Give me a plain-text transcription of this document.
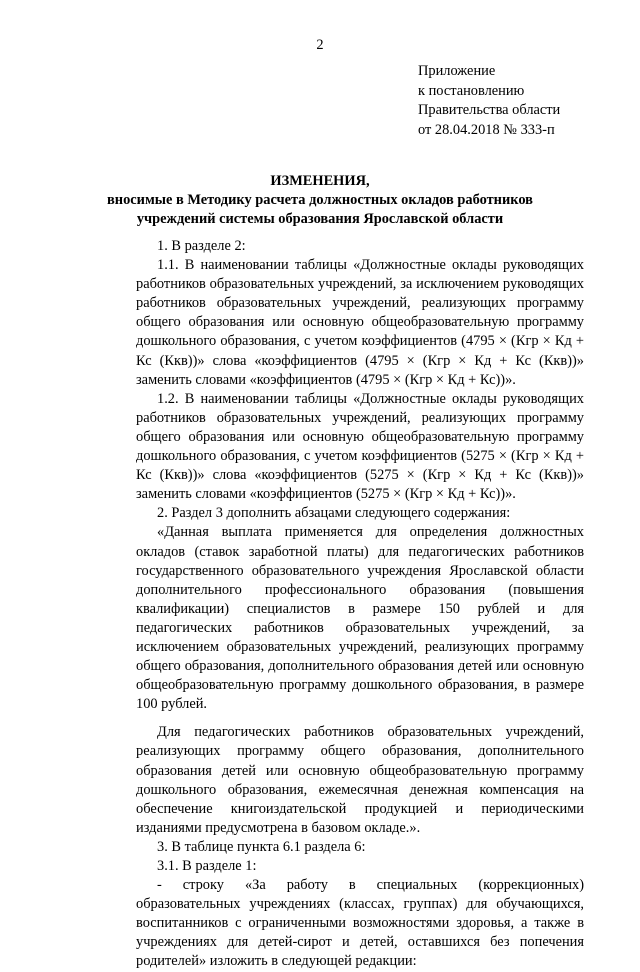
2
Приложение
к постановлению
Правительства области
от 28.04.2018 № 333-п
ИЗМЕНЕНИЯ,
вносимые в Методику расчета должностных окладов работников
учреждений системы образования Ярославской области

1. В разделе 2:

1.1. В наименовании таблицы «Должностные оклады руководящих работников образовательных учреждений, за исключением руководящих работников образовательных учреждений, реализующих программу общего образования или основную общеобразовательную программу дошкольного образования, с учетом коэффициентов (4795 × (Кгр × Кд + Кс (Ккв))» слова «коэффициентов (4795 × (Кгр × Кд + Кс (Ккв))» заменить словами «коэффициентов (4795 × (Кгр × Кд + Кс))».

1.2. В наименовании таблицы «Должностные оклады руководящих работников образовательных учреждений, реализующих программу общего образования или основную общеобразовательную программу дошкольного образования, с учетом коэффициентов (5275 × (Кгр × Кд + Кс (Ккв))» слова «коэффициентов (5275 × (Кгр × Кд + Кс (Ккв))» заменить словами «коэффициентов (5275 × (Кгр × Кд + Кс))».

2. Раздел 3 дополнить абзацами следующего содержания:

«Данная выплата применяется для определения должностных окладов (ставок заработной платы) для педагогических работников государственного образовательного учреждения Ярославской области дополнительного профессионального образования (повышения квалификации) специалистов в размере 150 рублей и для педагогических работников образовательных учреждений, за исключением образовательных учреждений, реализующих программу общего образования, дополнительного образования детей или основную общеобразовательную программу дошкольного образования, в размере 100 рублей.

Для педагогических работников образовательных учреждений, реализующих программу общего образования, дополнительного образования детей или основную общеобразовательную программу дошкольного образования, ежемесячная денежная компенсация на обеспечение книгоиздательской продукцией и периодическими изданиями предусмотрена в базовом окладе.».

3. В таблице пункта 6.1 раздела 6:

3.1. В разделе 1:

- строку «За работу в специальных (коррекционных) образовательных учреждениях (классах, группах) для обучающихся, воспитанников с ограниченными возможностями здоровья, а также в учреждениях для детей-сирот и детей, оставшихся без попечения родителей» изложить в следующей редакции:
